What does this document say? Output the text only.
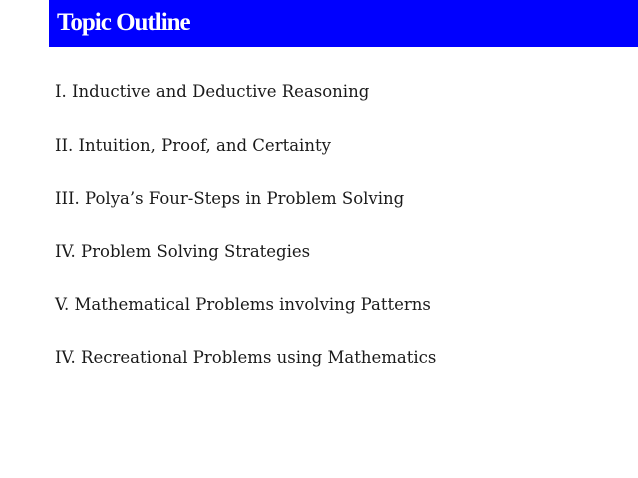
Topic Outline
I. Inductive and Deductive Reasoning
II. Intuition, Proof, and Certainty
III. Polya’s Four-Steps in Problem Solving
IV. Problem Solving Strategies
V. Mathematical Problems involving Patterns
IV. Recreational Problems using Mathematics
